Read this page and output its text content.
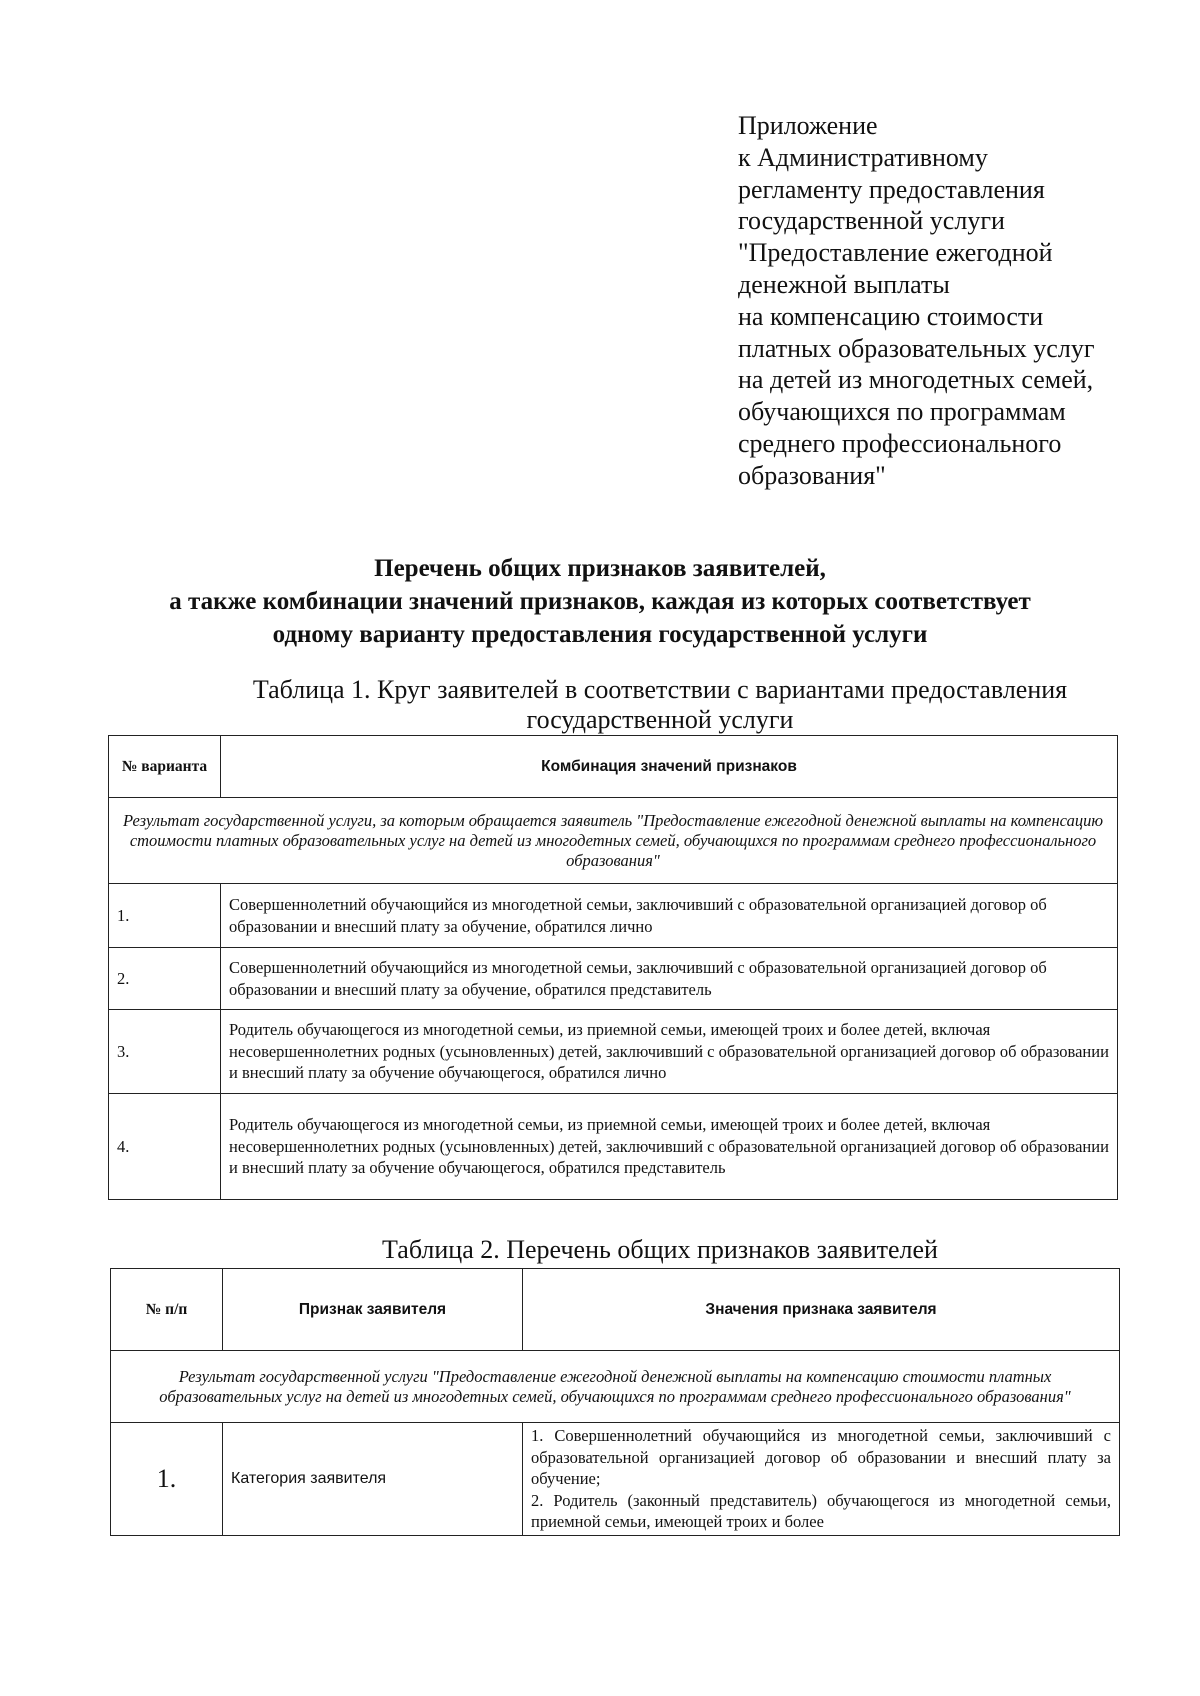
Приложение
к Административному
регламенту предоставления
государственной услуги
"Предоставление ежегодной
денежной выплаты
на компенсацию стоимости
платных образовательных услуг
на детей из многодетных семей,
обучающихся по программам
среднего профессионального
образования"
Перечень общих признаков заявителей,
а также комбинации значений признаков, каждая из которых соответствует
одному варианту предоставления государственной услуги
Таблица 1. Круг заявителей в соответствии с вариантами предоставления государственной услуги
№ варианта	Комбинация значений признаков
Результат государственной услуги, за которым обращается заявитель "Предоставление ежегодной денежной выплаты на компенсацию стоимости платных образовательных услуг на детей из многодетных семей, обучающихся по программам среднего профессионального образования"	
1.	Совершеннолетний обучающийся из многодетной семьи, заключивший с образовательной организацией договор об образовании и внесший плату за обучение, обратился лично
2.	Совершеннолетний обучающийся из многодетной семьи, заключивший с образовательной организацией договор об образовании и внесший плату за обучение, обратился представитель
3.	Родитель обучающегося из многодетной семьи, из приемной семьи, имеющей троих и более детей, включая несовершеннолетних родных (усыновленных) детей, заключивший с образовательной организацией договор об образовании и внесший плату за обучение обучающегося, обратился лично
4.	Родитель обучающегося из многодетной семьи, из приемной семьи, имеющей троих и более детей, включая несовершеннолетних родных (усыновленных) детей, заключивший с образовательной организацией договор об образовании и внесший плату за обучение обучающегося, обратился представитель
Таблица 2. Перечень общих признаков заявителей
№ п/п	Признак заявителя	Значения признака заявителя
Результат государственной услуги "Предоставление ежегодной денежной выплаты на компенсацию стоимости платных образовательных услуг на детей из многодетных семей, обучающихся по программам среднего профессионального образования"		
1.	Категория заявителя	1. Совершеннолетний обучающийся из многодетной семьи, заключивший с образовательной организацией договор об образовании и внесший плату за обучение;
2. Родитель (законный представитель) обучающегося из многодетной семьи, приемной семьи, имеющей троих и более
